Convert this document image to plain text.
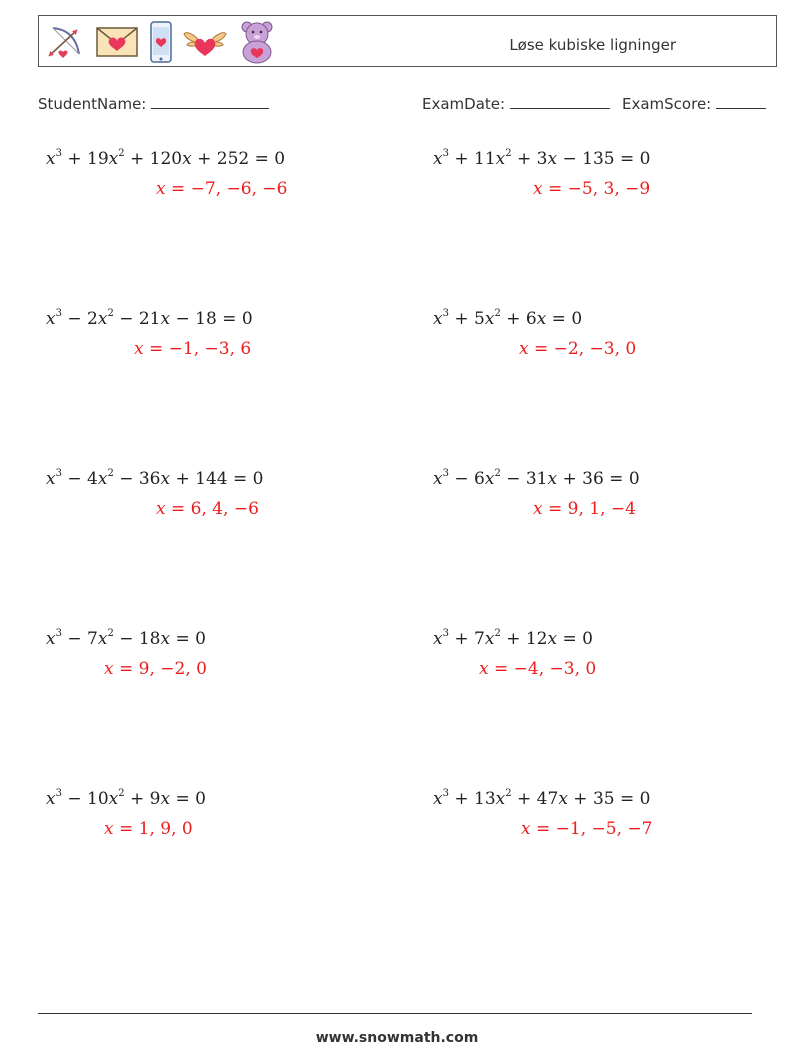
Løse kubiske ligninger
StudentName:	ExamDate:	ExamScore:
$x^3 + 19x^2 + 120x + 252 = 0$
x = −7, −6, −6
$x^3 + 11x^2 + 3x - 135 = 0$
x = −5, 3, −9
$x^3 - 2x^2 - 21x - 18 = 0$
x = −1, −3, 6
$x^3 + 5x^2 + 6x = 0$
x = −2, −3, 0
$x^3 - 4x^2 - 36x + 144 = 0$
x = 6, 4, −6
$x^3 - 6x^2 - 31x + 36 = 0$
x = 9, 1, −4
$x^3 - 7x^2 - 18x = 0$
x = 9, −2, 0
$x^3 + 7x^2 + 12x = 0$
x = −4, −3, 0
$x^3 - 10x^2 + 9x = 0$
x = 1, 9, 0
$x^3 + 13x^2 + 47x + 35 = 0$
x = −1, −5, −7
www.snowmath.com
